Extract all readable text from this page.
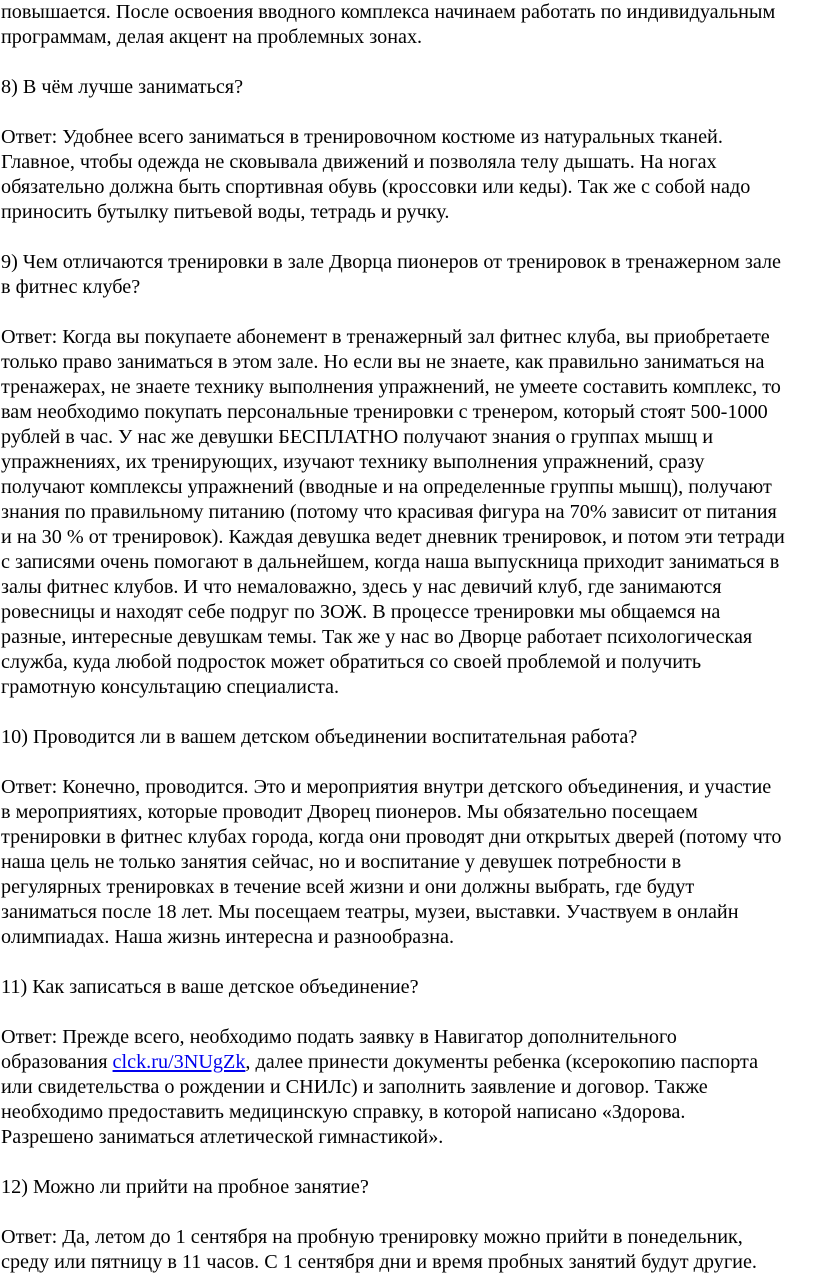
повышается. После освоения вводного комплекса начинаем работать по индивидуальным
программам, делая акцент на проблемных зонах.

8) В чём лучше заниматься?

Ответ: Удобнее всего заниматься в тренировочном костюме из натуральных тканей.
Главное, чтобы одежда не сковывала движений и позволяла телу дышать. На ногах
обязательно должна быть спортивная обувь (кроссовки или кеды). Так же с собой надо
приносить бутылку питьевой воды, тетрадь и ручку.

9) Чем отличаются тренировки в зале Дворца пионеров от тренировок в тренажерном зале
в фитнес клубе?

Ответ: Когда вы покупаете абонемент в тренажерный зал фитнес клуба, вы приобретаете
только право заниматься в этом зале. Но если вы не знаете, как правильно заниматься на
тренажерах, не знаете технику выполнения упражнений, не умеете составить комплекс, то
вам необходимо покупать персональные тренировки с тренером, который стоят 500-1000
рублей в час. У нас же девушки БЕСПЛАТНО получают знания о группах мышц и
упражнениях, их тренирующих, изучают технику выполнения упражнений, сразу
получают комплексы упражнений (вводные и на определенные группы мышц), получают
знания по правильному питанию (потому что красивая фигура на 70% зависит от питания
и на 30 % от тренировок). Каждая девушка ведет дневник тренировок, и потом эти тетради
с записями очень помогают в дальнейшем, когда наша выпускница приходит заниматься в
залы фитнес клубов. И что немаловажно, здесь у нас девичий клуб, где занимаются
ровесницы и находят себе подруг по ЗОЖ. В процессе тренировки мы общаемся на
разные, интересные девушкам темы. Так же у нас во Дворце работает психологическая
служба, куда любой подросток может обратиться со своей проблемой и получить
грамотную консультацию специалиста.

10) Проводится ли в вашем детском объединении воспитательная работа?

Ответ: Конечно, проводится. Это и мероприятия внутри детского объединения, и участие
в мероприятиях, которые проводит Дворец пионеров. Мы обязательно посещаем
тренировки в фитнес клубах города, когда они проводят дни открытых дверей (потому что
наша цель не только занятия сейчас, но и воспитание у девушек потребности в
регулярных тренировках в течение всей жизни и они должны выбрать, где будут
заниматься после 18 лет. Мы посещаем театры, музеи, выставки. Участвуем в онлайн
олимпиадах. Наша жизнь интересна и разнообразна.

11) Как записаться в ваше детское объединение?

Ответ: Прежде всего, необходимо подать заявку в Навигатор дополнительного
образования clck.ru/3NUgZk, далее принести документы ребенка (ксерокопию паспорта
или свидетельства о рождении и СНИЛс) и заполнить заявление и договор. Также
необходимо предоставить медицинскую справку, в которой написано «Здорова.
Разрешено заниматься атлетической гимнастикой».

12) Можно ли прийти на пробное занятие?

Ответ: Да, летом до 1 сентября на пробную тренировку можно прийти в понедельник,
среду или пятницу в 11 часов. С 1 сентября дни и время пробных занятий будут другие.
